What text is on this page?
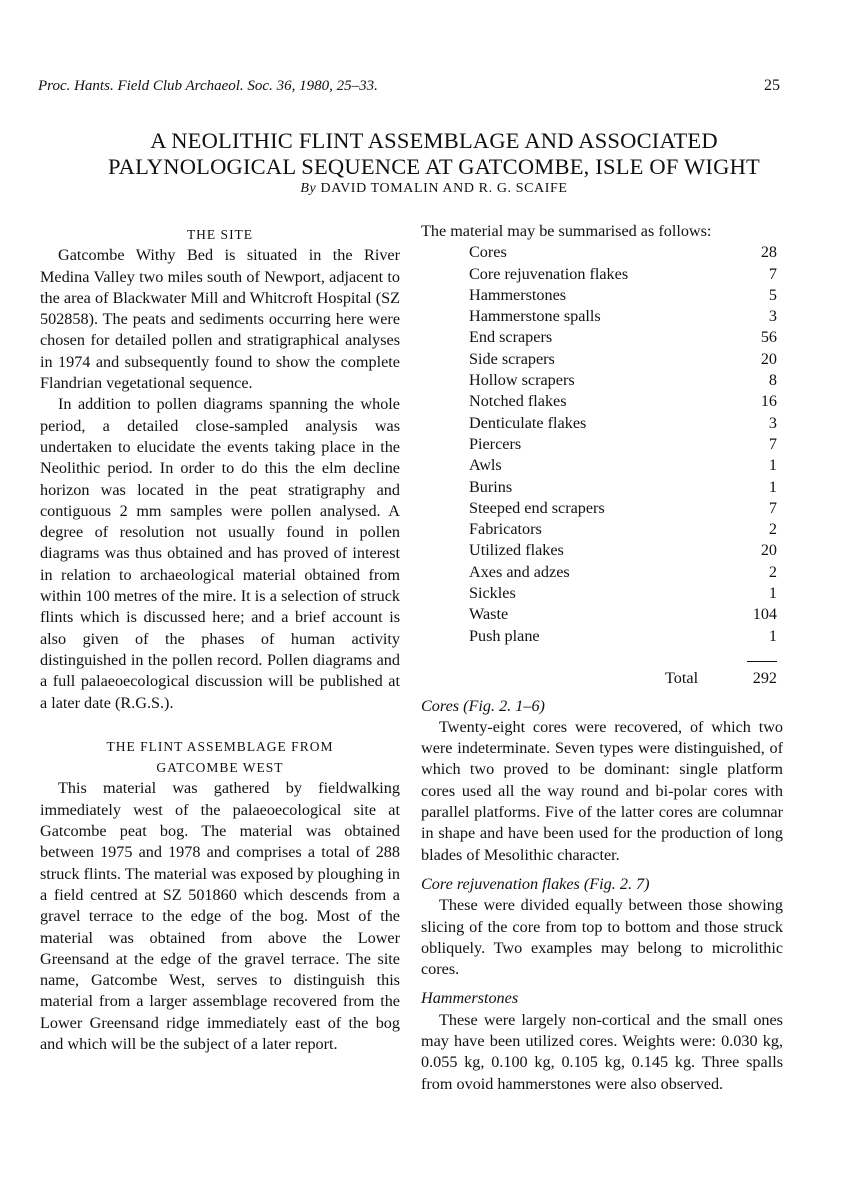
Proc. Hants. Field Club Archaeol. Soc. 36, 1980, 25–33.	25
A NEOLITHIC FLINT ASSEMBLAGE AND ASSOCIATED
PALYNOLOGICAL SEQUENCE AT GATCOMBE, ISLE OF WIGHT
By DAVID TOMALIN AND R. G. SCAIFE
THE SITE

Gatcombe Withy Bed is situated in the River Medina Valley two miles south of Newport, adjacent to the area of Blackwater Mill and Whitcroft Hospital (SZ 502858). The peats and sediments occurring here were chosen for detailed pollen and stratigraphical analyses in 1974 and subsequently found to show the complete Flandrian vegetational sequence.

In addition to pollen diagrams spanning the whole period, a detailed close-sampled analysis was undertaken to elucidate the events taking place in the Neolithic period. In order to do this the elm decline horizon was located in the peat stratigraphy and contiguous 2 mm samples were pollen analysed. A degree of resolution not usually found in pollen diagrams was thus obtained and has proved of interest in relation to archaeological material obtained from within 100 metres of the mire. It is a selection of struck flints which is discussed here; and a brief account is also given of the phases of human activity distinguished in the pollen record. Pollen diagrams and a full palaeoecological discussion will be published at a later date (R.G.S.).

THE FLINT ASSEMBLAGE FROM
GATCOMBE WEST

This material was gathered by fieldwalking immediately west of the palaeoecological site at Gatcombe peat bog. The material was obtained between 1975 and 1978 and comprises a total of 288 struck flints. The material was exposed by ploughing in a field centred at SZ 501860 which descends from a gravel terrace to the edge of the bog. Most of the material was obtained from above the Lower Greensand at the edge of the gravel terrace. The site name, Gatcombe West, serves to distinguish this material from a larger assemblage recovered from the Lower Greensand ridge immediately east of the bog and which will be the subject of a later report.

The material may be summarised as follows:

Cores	28
Core rejuvenation flakes	7
Hammerstones	5
Hammerstone spalls	3
End scrapers	56
Side scrapers	20
Hollow scrapers	8
Notched flakes	16
Denticulate flakes	3
Piercers	7
Awls	1
Burins	1
Steeped end scrapers	7
Fabricators	2
Utilized flakes	20
Axes and adzes	2
Sickles	1
Waste	104
Push plane	1

Total	292
Cores (Fig. 2. 1–6)

Twenty-eight cores were recovered, of which two were indeterminate. Seven types were distinguished, of which two proved to be dominant: single platform cores used all the way round and bi-polar cores with parallel platforms. Five of the latter cores are columnar in shape and have been used for the production of long blades of Mesolithic character.

Core rejuvenation flakes (Fig. 2. 7)

These were divided equally between those showing slicing of the core from top to bottom and those struck obliquely. Two examples may belong to microlithic cores.

Hammerstones

These were largely non-cortical and the small ones may have been utilized cores. Weights were: 0.030 kg, 0.055 kg, 0.100 kg, 0.105 kg, 0.145 kg. Three spalls from ovoid hammerstones were also observed.
